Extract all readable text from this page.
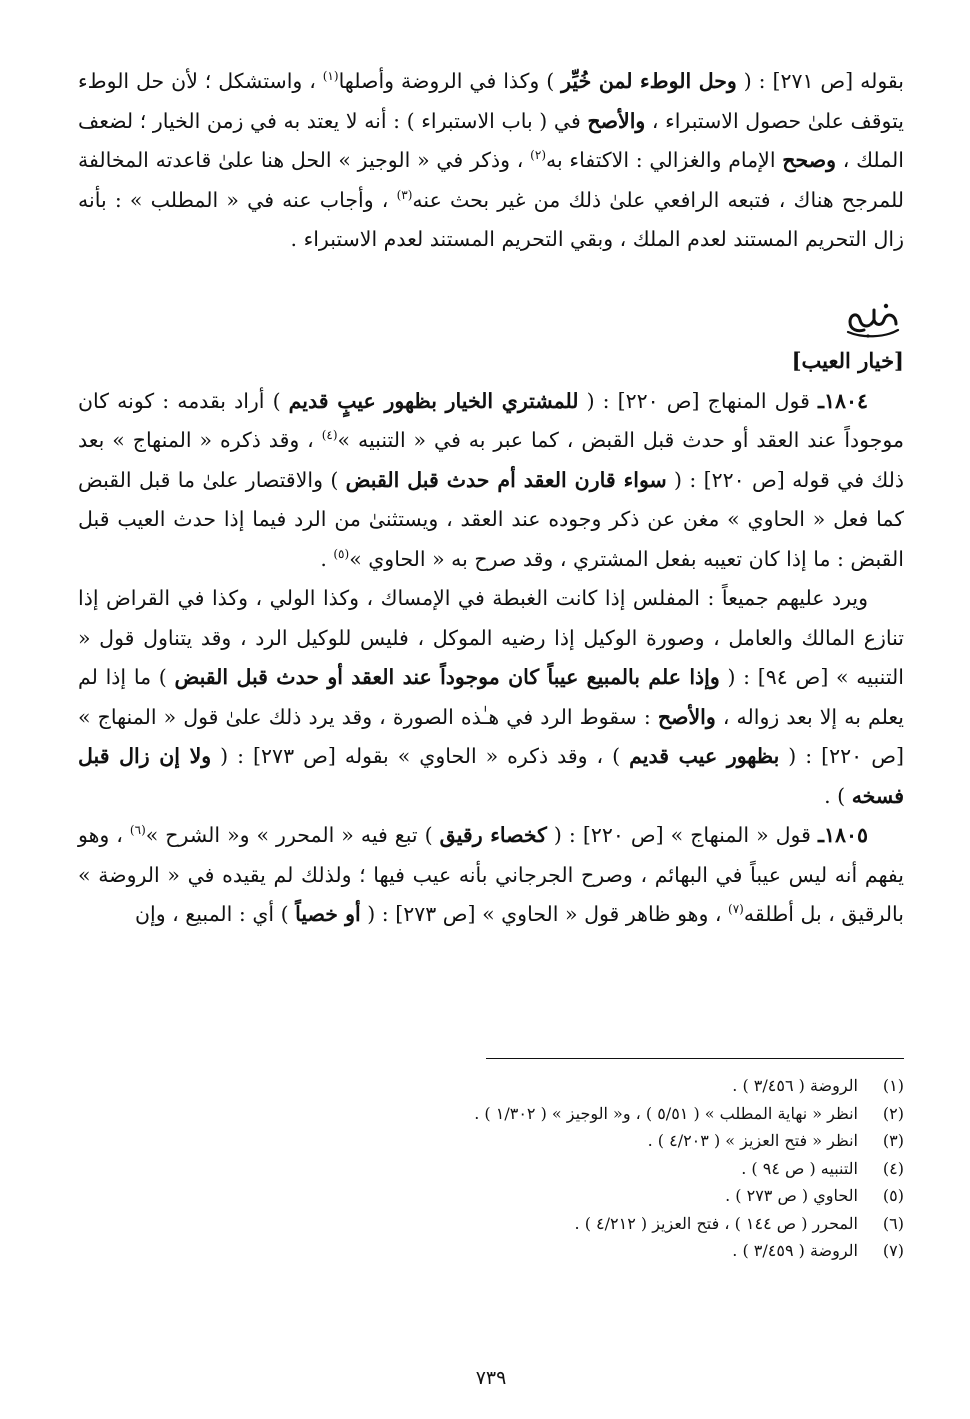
بقوله [ص ٢٧١] : ( وحل الوطء لمن خُيِّر ) وكذا في الروضة وأصلها$^{(١)}$ ، واستشكل ؛ لأن حل الوطء يتوقف علىٰ حصول الاستبراء ، والأصح في ( باب الاستبراء ) : أنه لا يعتد به في زمن الخيار ؛ لضعف الملك ، وصحح الإمام والغزالي : الاكتفاء به$^{(٢)}$ ، وذكر في « الوجيز » الحل هنا علىٰ قاعدته المخالفة للمرجح هناك ، فتبعه الرافعي علىٰ ذلك من غير بحث عنه$^{(٣)}$ ، وأجاب عنه في « المطلب » : بأنه زال التحريم المستند لعدم الملك ، وبقي التحريم المستند لعدم الاستبراء .

فصل
[خيار العيب]

١٨٠٤ـ قول المنهاج [ص ٢٢٠] : ( للمشتري الخيار بظهور عيبٍ قديم ) أراد بقدمه : كونه كان موجوداً عند العقد أو حدث قبل القبض ، كما عبر به في « التنبيه »$^{(٤)}$ ، وقد ذكره « المنهاج » بعد ذلك في قوله [ص ٢٢٠] : ( سواء قارن العقد أم حدث قبل القبض ) والاقتصار علىٰ ما قبل القبض كما فعل « الحاوي » مغن عن ذكر وجوده عند العقد ، ويستثنىٰ من الرد فيما إذا حدث العيب قبل القبض : ما إذا كان تعيبه بفعل المشتري ، وقد صرح به « الحاوي »$^{(٥)}$ .

ويرد عليهم جميعاً : المفلس إذا كانت الغبطة في الإمساك ، وكذا الولي ، وكذا في القراض إذا تنازع المالك والعامل ، وصورة الوكيل إذا رضيه الموكل ، فليس للوكيل الرد ، وقد يتناول قول « التنبيه » [ص ٩٤] : ( وإذا علم بالمبيع عيباً كان موجوداً عند العقد أو حدث قبل القبض ) ما إذا لم يعلم به إلا بعد زواله ، والأصح : سقوط الرد في هـٰذه الصورة ، وقد يرد ذلك علىٰ قول « المنهاج » [ص ٢٢٠] : ( بظهور عيب قديم ) ، وقد ذكره « الحاوي » بقوله [ص ٢٧٣] : ( ولا إن زال قبل فسخه ) .

١٨٠٥ـ قول « المنهاج » [ص ٢٢٠] : ( كخصاء رقيق ) تبع فيه « المحرر » و« الشرح »$^{(٦)}$ ، وهو يفهم أنه ليس عيباً في البهائم ، وصرح الجرجاني بأنه عيب فيها ؛ ولذلك لم يقيده في « الروضة » بالرقيق ، بل أطلقه$^{(٧)}$ ، وهو ظاهر قول « الحاوي » [ص ٢٧٣] : ( أو خصياً ) أي : المبيع ، وإن

(١)
الروضة ( ٣/٤٥٦ ) .
(٢)
انظر « نهاية المطلب » ( ٥/٥١ ) ، و« الوجيز » ( ١/٣٠٢ ) .
(٣)
انظر « فتح العزيز » ( ٤/٢٠٣ ) .
(٤)
التنبيه ( ص ٩٤ ) .
(٥)
الحاوي ( ص ٢٧٣ ) .
(٦)
المحرر ( ص ١٤٤ ) ، فتح العزيز ( ٤/٢١٢ ) .
(٧)
الروضة ( ٣/٤٥٩ ) .
٧٣٩
